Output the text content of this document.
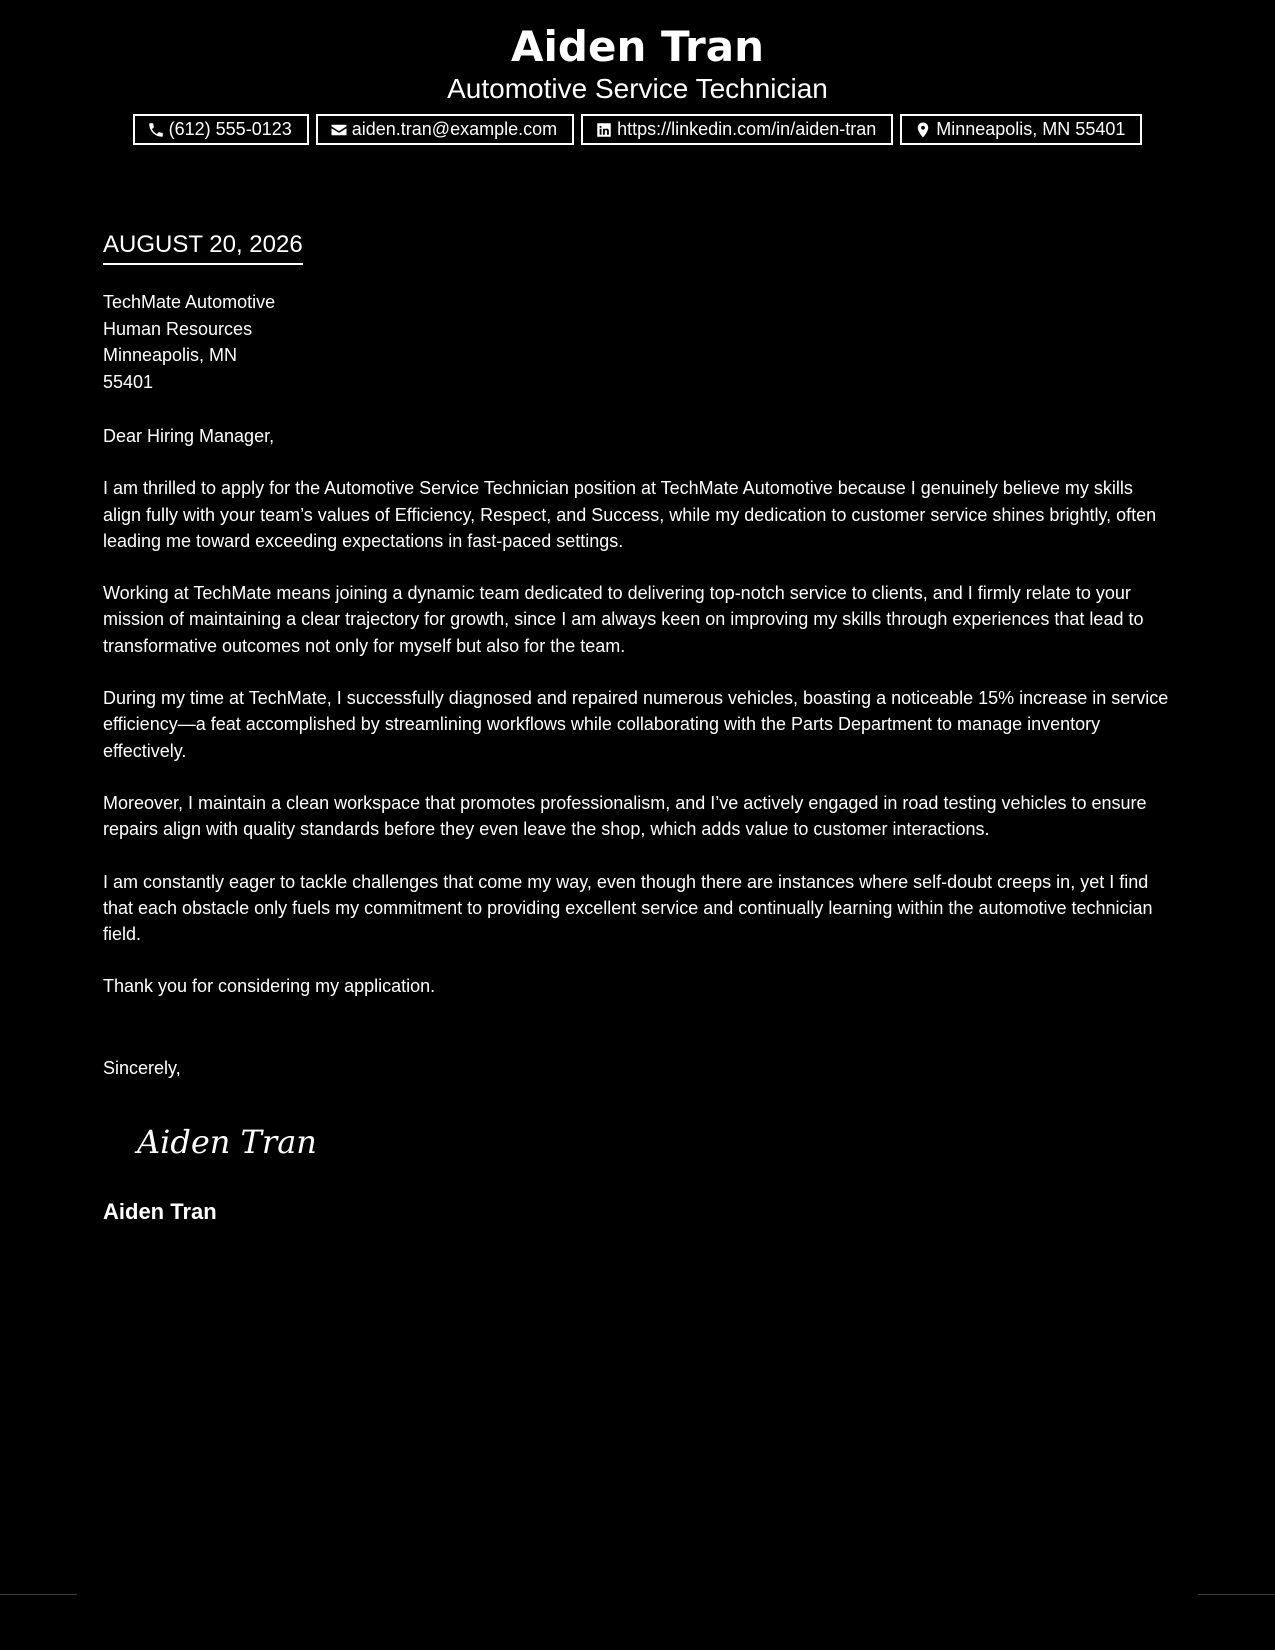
Aiden Tran
Automotive Service Technician
(612) 555-0123	aiden.tran@example.com	https://linkedin.com/in/aiden-tran	Minneapolis, MN 55401
AUGUST 20, 2026
TechMate Automotive
Human Resources
Minneapolis, MN
55401

Dear Hiring Manager,

I am thrilled to apply for the Automotive Service Technician position at TechMate Automotive because I genuinely believe my skills align fully with your team’s values of Efficiency, Respect, and Success, while my dedication to customer service shines brightly, often leading me toward exceeding expectations in fast-paced settings.

Working at TechMate means joining a dynamic team dedicated to delivering top-notch service to clients, and I firmly relate to your mission of maintaining a clear trajectory for growth, since I am always keen on improving my skills through experiences that lead to transformative outcomes not only for myself but also for the team.

During my time at TechMate, I successfully diagnosed and repaired numerous vehicles, boasting a noticeable 15% increase in service efficiency—a feat accomplished by streamlining workflows while collaborating with the Parts Department to manage inventory effectively.

Moreover, I maintain a clean workspace that promotes professionalism, and I’ve actively engaged in road testing vehicles to ensure repairs align with quality standards before they even leave the shop, which adds value to customer interactions.

I am constantly eager to tackle challenges that come my way, even though there are instances where self-doubt creeps in, yet I find that each obstacle only fuels my commitment to providing excellent service and continually learning within the automotive technician field.

Thank you for considering my application.

Sincerely,
Aiden Tran
Aiden Tran
